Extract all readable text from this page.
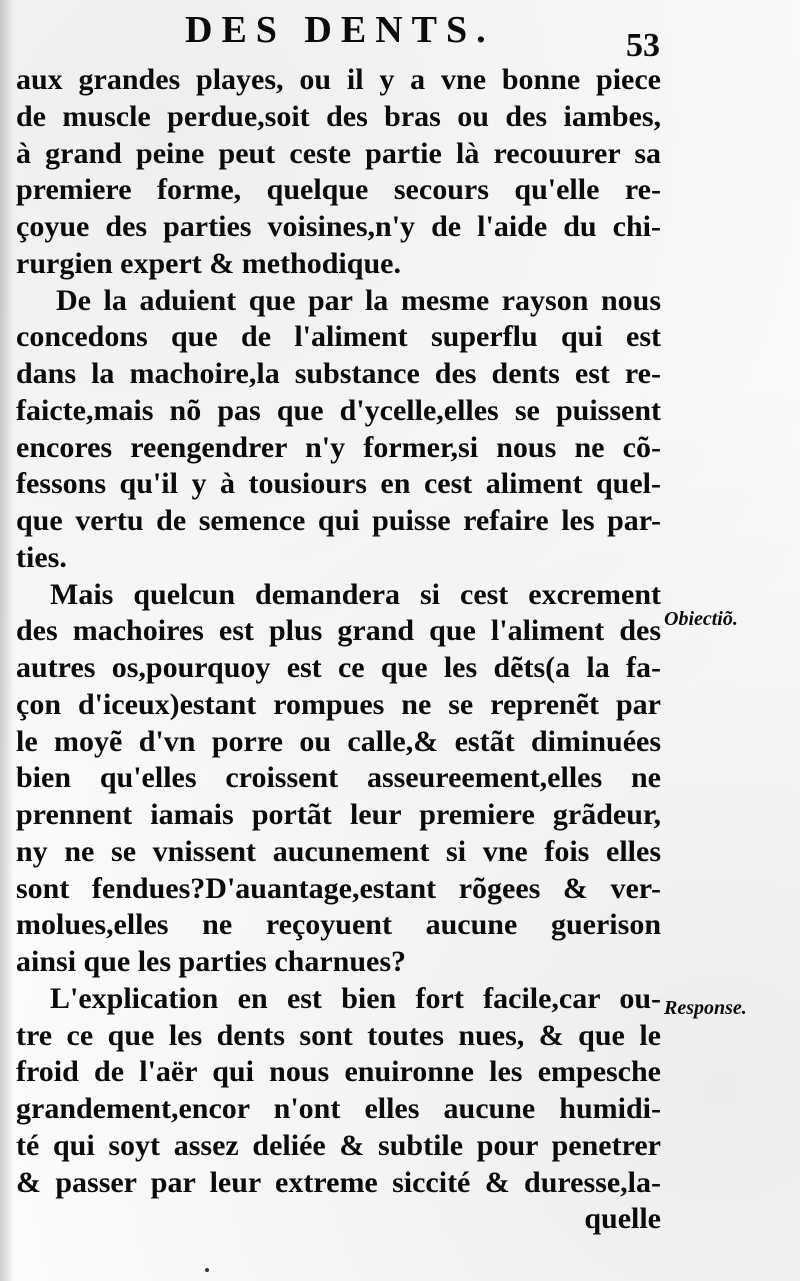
DES DENTS.	53
aux grandes playes, ou il y a vne bonne piece
de muscle perdue,soit des bras ou des iambes,
à grand peine peut ceste partie là recouurer sa
premiere forme, quelque secours qu'elle re-
çoyue des parties voisines,n'y de l'aide du chi-
rurgien expert & methodique.
De la aduient que par la mesme rayson nous
concedons que de l'aliment superflu qui est
dans la machoire,la substance des dents est re-
faicte,mais nõ pas que d'ycelle,elles se puissent
encores reengendrer n'y former,si nous ne cõ-
fessons qu'il y à tousiours en cest aliment quel-
que vertu de semence qui puisse refaire les par-
ties.
Mais quelcun demandera si cest excrement
des machoires est plus grand que l'aliment des
autres os,pourquoy est ce que les dẽts(a la fa-
çon d'iceux)estant rompues ne se reprenẽt par
le moyẽ d'vn porre ou calle,& estãt diminuées
bien qu'elles croissent asseureement,elles ne
prennent iamais portãt leur premiere grãdeur,
ny ne se vnissent aucunement si vne fois elles
sont fendues?D'auantage,estant rõgees & ver-
molues,elles ne reçoyuent aucune guerison
ainsi que les parties charnues?
L'explication en est bien fort facile,car ou-
tre ce que les dents sont toutes nues, & que le
froid de l'aër qui nous enuironne les empesche
grandement,encor n'ont elles aucune humidi-
té qui soyt assez deliée & subtile pour penetrer
& passer par leur extreme siccité & duresse,la-
quelle
Obiectiõ.
Response.
